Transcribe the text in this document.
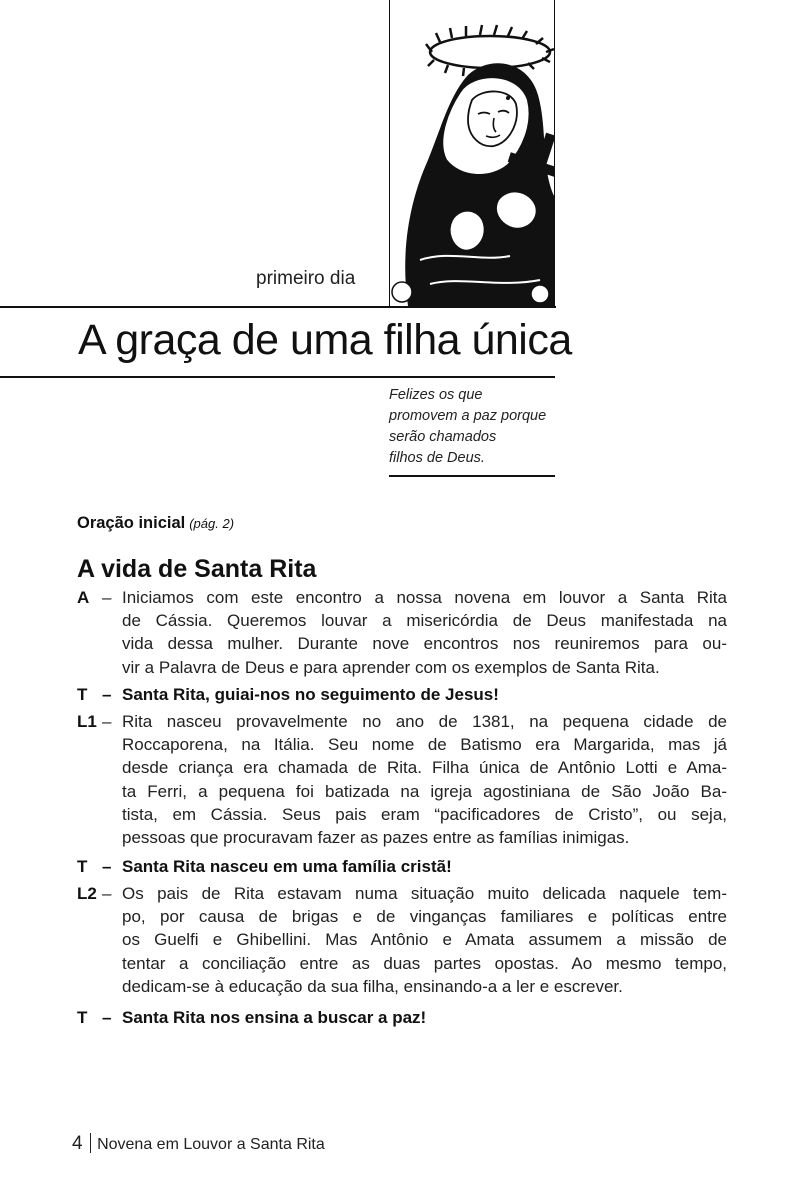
primeiro dia
A graça de uma filha única
Felizes os que
promovem a paz porque
serão chamados
filhos de Deus.
Oração inicial (pág. 2)
A vida de Santa Rita
A – Iniciamos com este encontro a nossa novena em louvor a Santa Rita
de Cássia. Queremos louvar a misericórdia de Deus manifestada na
vida dessa mulher. Durante nove encontros nos reuniremos para ou-
vir a Palavra de Deus e para aprender com os exemplos de Santa Rita.
T – Santa Rita, guiai-nos no seguimento de Jesus!
L1 – Rita nasceu provavelmente no ano de 1381, na pequena cidade de
Roccaporena, na Itália. Seu nome de Batismo era Margarida, mas já
desde criança era chamada de Rita. Filha única de Antônio Lotti e Ama-
ta Ferri, a pequena foi batizada na igreja agostiniana de São João Ba-
tista, em Cássia. Seus pais eram “pacificadores de Cristo”, ou seja,
pessoas que procuravam fazer as pazes entre as famílias inimigas.
T – Santa Rita nasceu em uma família cristã!
L2 – Os pais de Rita estavam numa situação muito delicada naquele tem-
po, por causa de brigas e de vinganças familiares e políticas entre
os Guelfi e Ghibellini. Mas Antônio e Amata assumem a missão de
tentar a conciliação entre as duas partes opostas. Ao mesmo tempo,
dedicam-se à educação da sua filha, ensinando-a a ler e escrever.
T – Santa Rita nos ensina a buscar a paz!
4 Novena em Louvor a Santa Rita
